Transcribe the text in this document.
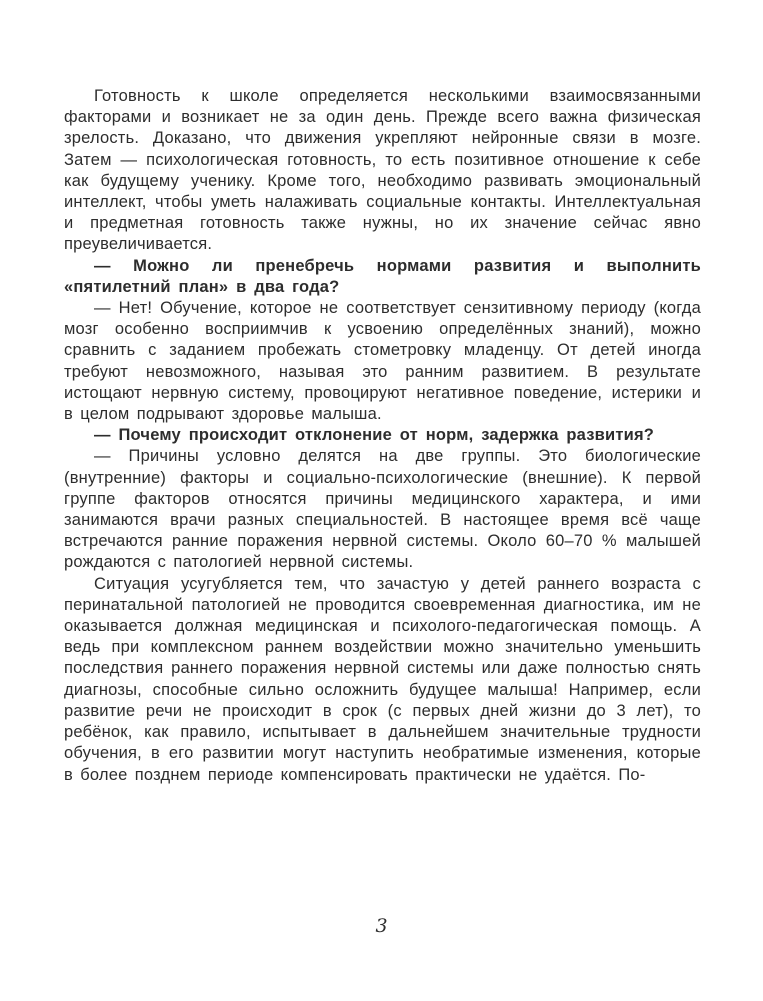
Готовность к школе определяется несколькими взаимосвязанными факторами и возникает не за один день. Прежде всего важна физическая зрелость. Доказано, что движения укрепляют нейронные связи в мозге. Затем — психологическая готовность, то есть позитивное отношение к себе как будущему ученику. Кроме того, необходимо развивать эмоциональный интеллект, чтобы уметь налаживать социальные контакты. Интеллектуальная и предметная готовность также нужны, но их значение сейчас явно преувеличивается.

— Можно ли пренебречь нормами развития и выполнить «пятилетний план» в два года?

— Нет! Обучение, которое не соответствует сензитивному периоду (когда мозг особенно восприимчив к усвоению определённых знаний), можно сравнить с заданием пробежать стометровку младенцу. От детей иногда требуют невозможного, называя это ранним развитием. В результате истощают нервную систему, провоцируют негативное поведение, истерики и в целом подрывают здоровье малыша.

— Почему происходит отклонение от норм, задержка развития?

— Причины условно делятся на две группы. Это биологические (внутренние) факторы и социально-психологические (внешние). К первой группе факторов относятся причины медицинского характера, и ими занимаются врачи разных специальностей. В настоящее время всё чаще встречаются ранние поражения нервной системы. Около 60–70 % малышей рождаются с патологией нервной системы.

Ситуация усугубляется тем, что зачастую у детей раннего возраста с перинатальной патологией не проводится своевременная диагностика, им не оказывается должная медицинская и психолого-педагогическая помощь. А ведь при комплексном раннем воздействии можно значительно уменьшить последствия раннего поражения нервной системы или даже полностью снять диагнозы, способные сильно осложнить будущее малыша! Например, если развитие речи не происходит в срок (с первых дней жизни до 3 лет), то ребёнок, как правило, испытывает в дальнейшем значительные трудности обучения, в его развитии могут наступить необратимые изменения, которые в более позднем периоде компенсировать практически не удаётся. По-

3
